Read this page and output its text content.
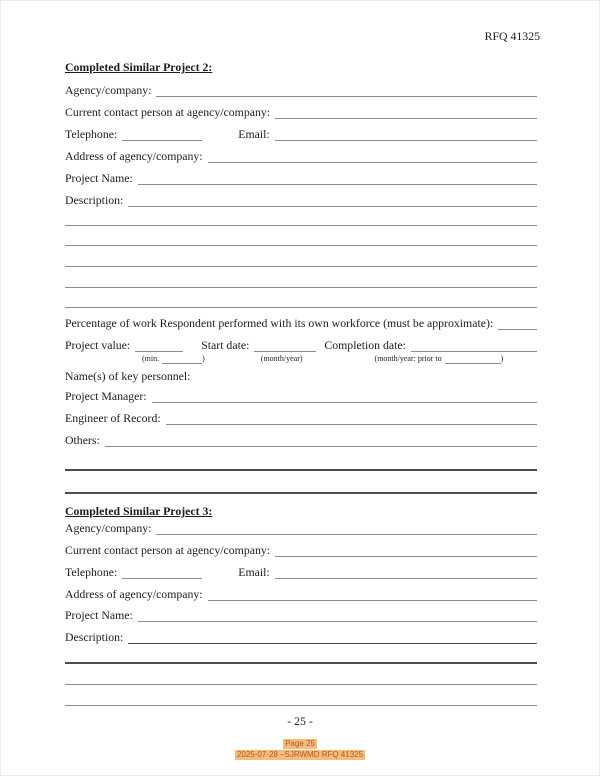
RFQ 41325
Completed Similar Project 2:
Agency/company:
Current contact person at agency/company:
Telephone:	Email:
Address of agency/company:
Project Name:
Description:
Percentage of work Respondent performed with its own workforce (must be approximate):
Project value:	Start date:	Completion date:
(min.	)	(month/year)	(month/year: prior to	)
Name(s) of key personnel:
Project Manager:
Engineer of Record:
Others:
Completed Similar Project 3:
Agency/company:
Current contact person at agency/company:
Telephone:	Email:
Address of agency/company:
Project Name:
Description:
- 25 -
Page 25
2025-07-28 –SJRWMD RFQ 41325
